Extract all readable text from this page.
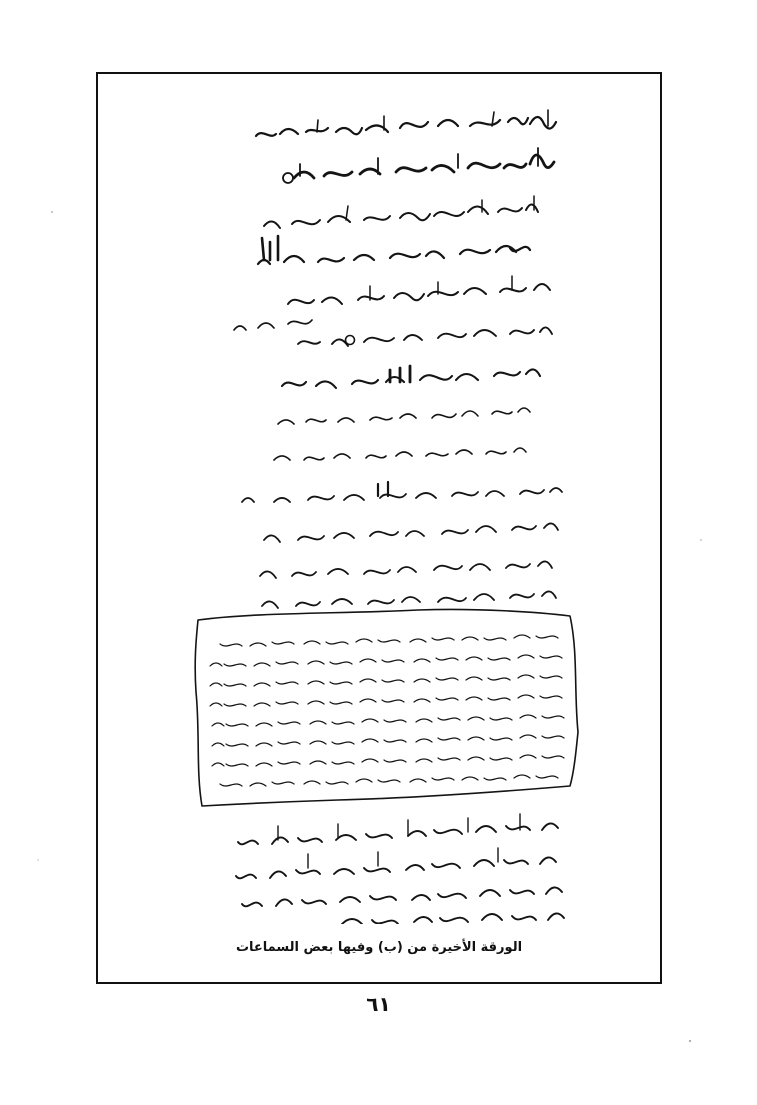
الورقة الأخيرة من (ب) وفيها بعض السماعات
٦١
